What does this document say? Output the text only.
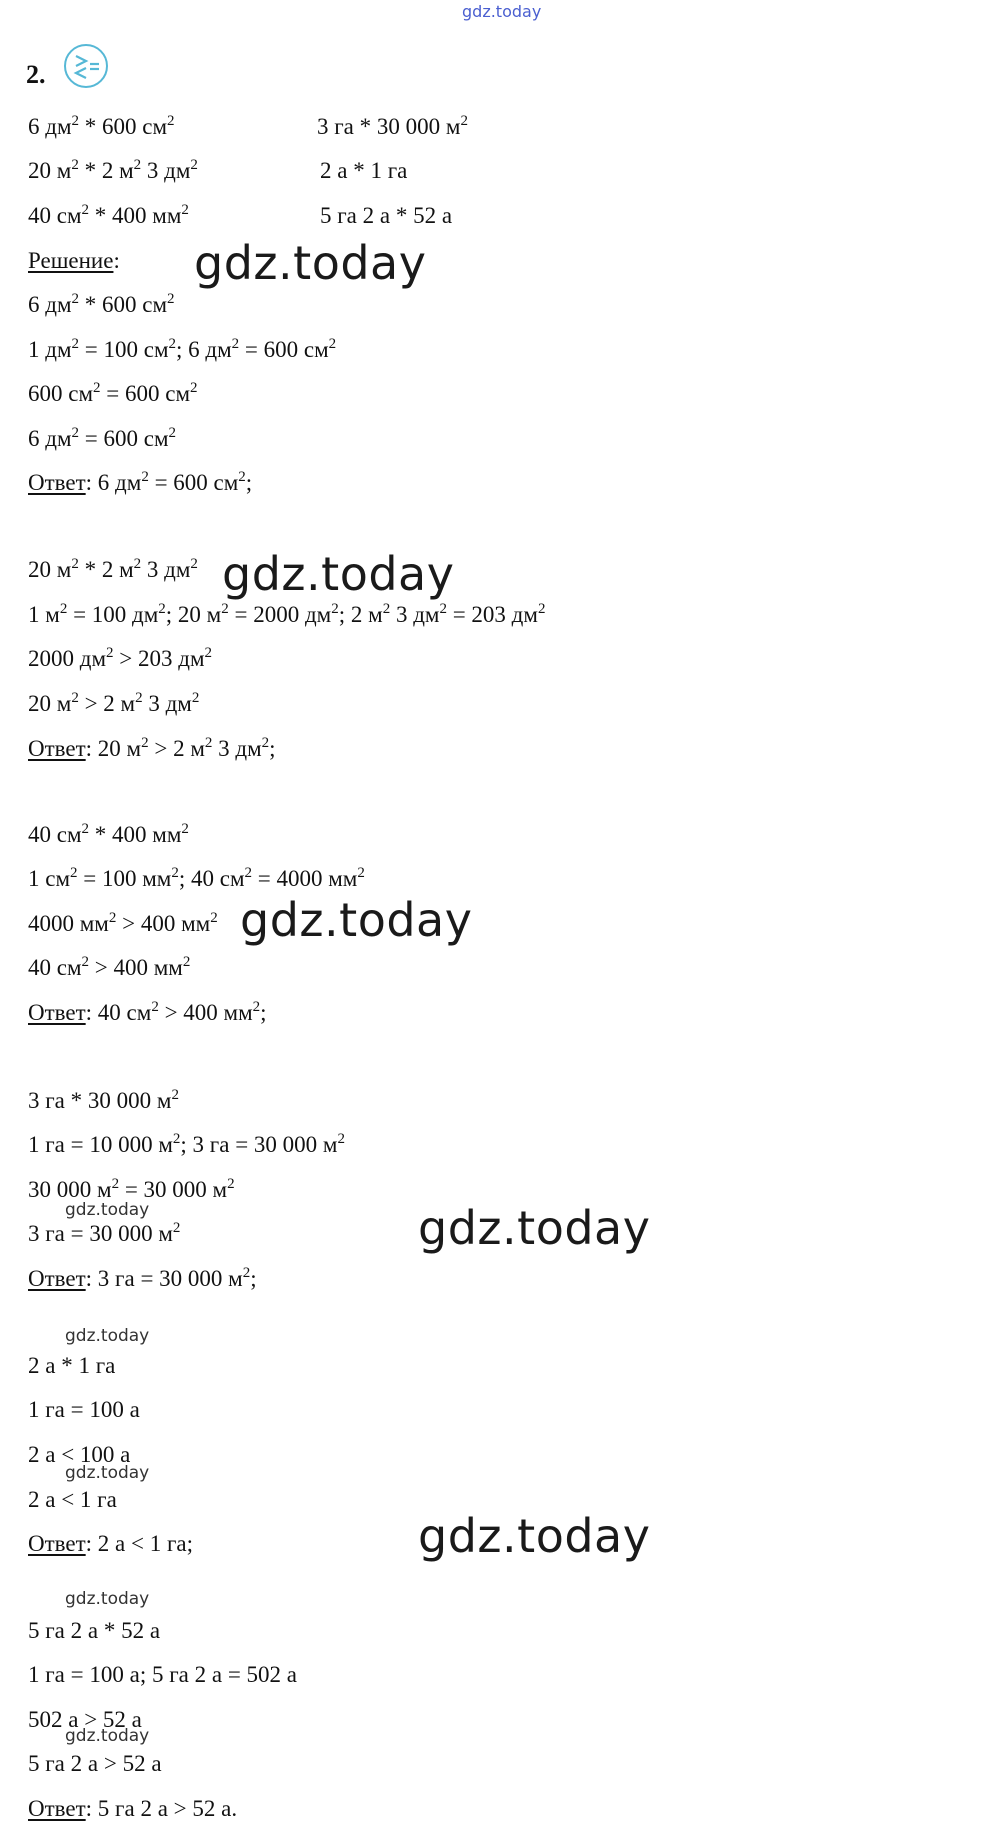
gdz.today
2.
6 $дм^2 * 600$ $см^2$
20 $м^2 * 2$ $м^2$ 3 $дм^2$
40 $см^2 * 400$ $мм^2$
3 га * 30 000 $м^2$
2 а * 1 га
5 га 2 а * 52 а
Решение:
6 $дм^2 * 600$ $см^2$
1 $дм^2 = 100$ $см^2$; 6 $дм^2 = 600$ $см^2$
600 $см^2 = 600$ $см^2$
6 $дм^2 = 600$ $см^2$
Ответ: 6 $дм^2 = 600$ $см^2$;
20 $м^2 * 2$ $м^2$ 3 $дм^2$
1 $м^2 = 100$ $дм^2$; 20 $м^2 = 2000$ $дм^2$; 2 $м^2$ 3 $дм^2 = 203$ $дм^2$
2000 $дм^2 > 203$ $дм^2$
20 $м^2 > 2$ $м^2$ 3 $дм^2$
Ответ: 20 $м^2 > 2$ $м^2$ 3 $дм^2$;
40 $см^2 * 400$ $мм^2$
1 $см^2 = 100$ $мм^2$; 40 $см^2 = 4000$ $мм^2$
4000 $мм^2 > 400$ $мм^2$
40 $см^2 > 400$ $мм^2$
Ответ: 40 $см^2 > 400$ $мм^2$;
3 га * 30 000 $м^2$
1 га = 10 000 $м^2$; 3 га = 30 000 $м^2$
30 000 $м^2 = 30$ 000 $м^2$
3 га = 30 000 $м^2$
Ответ: 3 га = 30 000 $м^2$;
2 а * 1 га
1 га = 100 а
2 а < 100 а
2 а < 1 га
Ответ: 2 а < 1 га;
5 га 2 а * 52 а
1 га = 100 а; 5 га 2 а = 502 а
502 а > 52 а
5 га 2 а > 52 а
Ответ: 5 га 2 а > 52 а.
gdz.today
gdz.today
gdz.today
gdz.today
gdz.today
gdz.today
gdz.today
gdz.today
gdz.today
gdz.today
